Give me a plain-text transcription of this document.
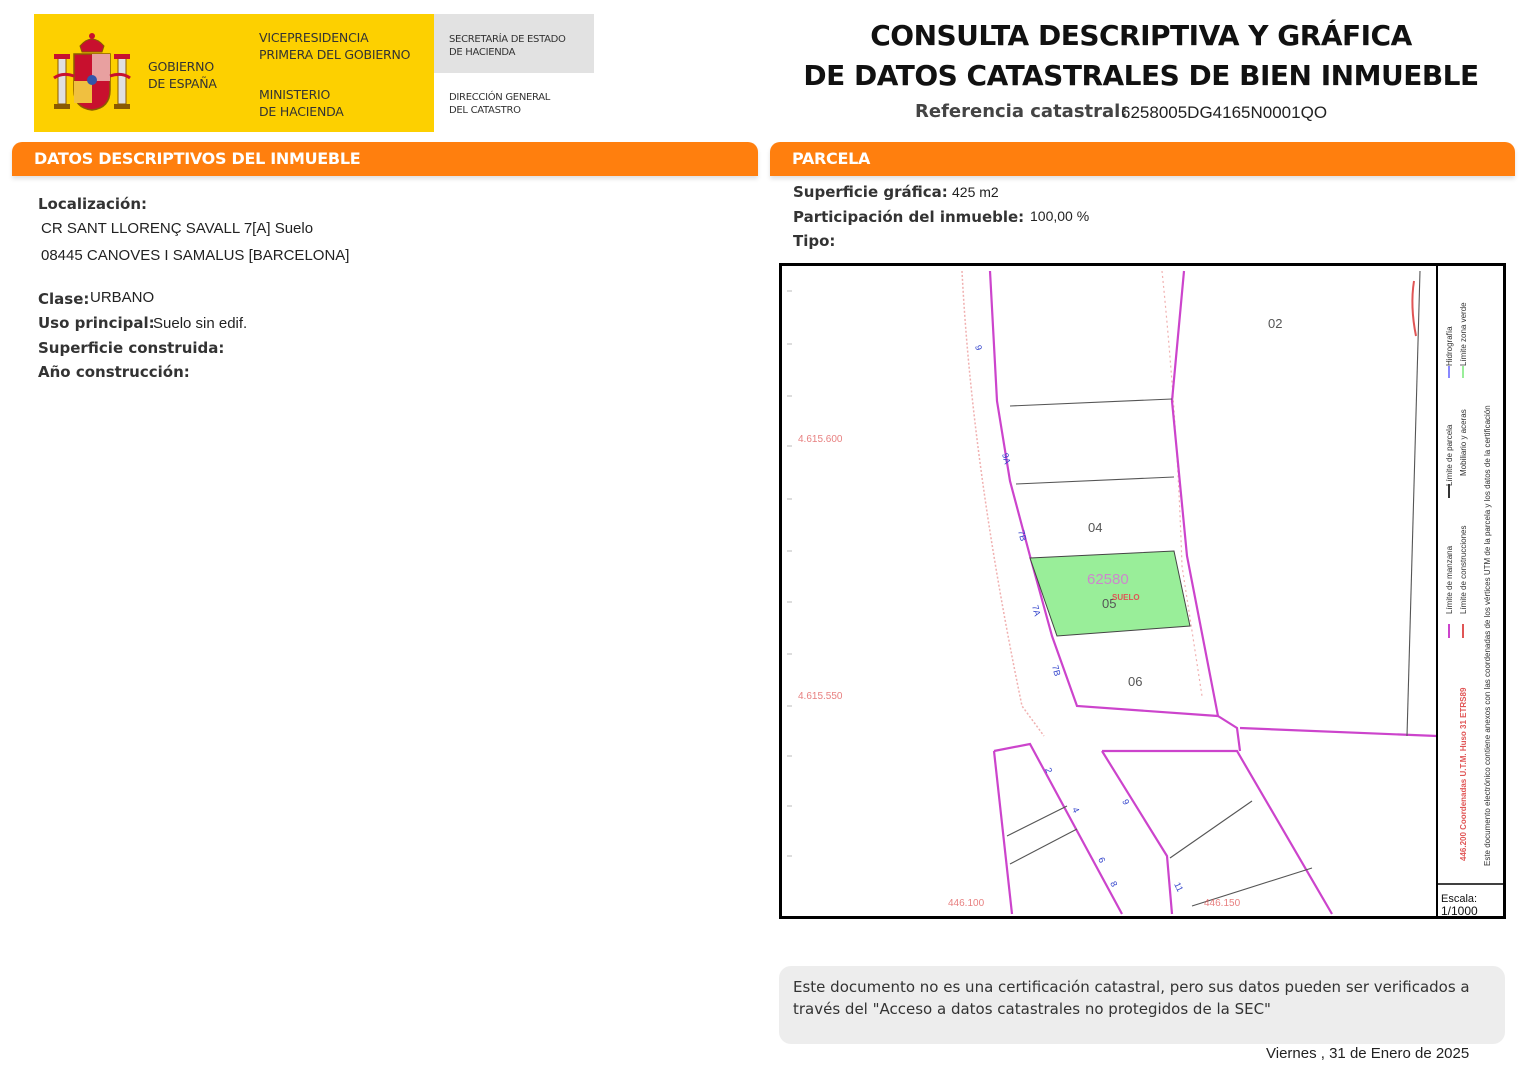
GOBIERNO
DE ESPAÑA
VICEPRESIDENCIA
PRIMERA DEL GOBIERNO
MINISTERIO
DE HACIENDA
SECRETARÍA DE ESTADO
DE HACIENDA
DIRECCIÓN GENERAL
DEL CATASTRO
CONSULTA DESCRIPTIVA Y GRÁFICA
DE DATOS CATASTRALES DE BIEN INMUEBLE
Referencia catastral:
6258005DG4165N0001QO
DATOS DESCRIPTIVOS DEL INMUEBLE
Localización:
CR SANT LLORENÇ SAVALL 7[A] Suelo
08445 CANOVES I SAMALUS [BARCELONA]
Clase: URBANO
Uso principal:
Suelo sin edif.
Superficie construida:
Año construcción:
PARCELA
Superficie gráfica: 425 m2
Participación del inmueble: 100,00 %
Tipo:
02
04
05
06
62580
SUELO
9
9A
7B
7A
7B
2
4
6
8
9
11
4.615.600
4.615.550
446.100	446.150
Límite de manzana
Límite de parcela
Hidrografía
Límite de construcciones
Mobiliario y aceras
Límite zona verde
446.200 Coordenadas U.T.M. Huso 31 ETRS89 Este documento electrónico contiene anexos con las coordenadas de los vértices UTM de la parcela y los datos de la certificación
Escala:
1/1000
Este documento no es una certificación catastral, pero sus datos pueden ser verificados a través del "Acceso a datos catastrales no protegidos de la SEC"
Viernes , 31 de Enero de 2025
